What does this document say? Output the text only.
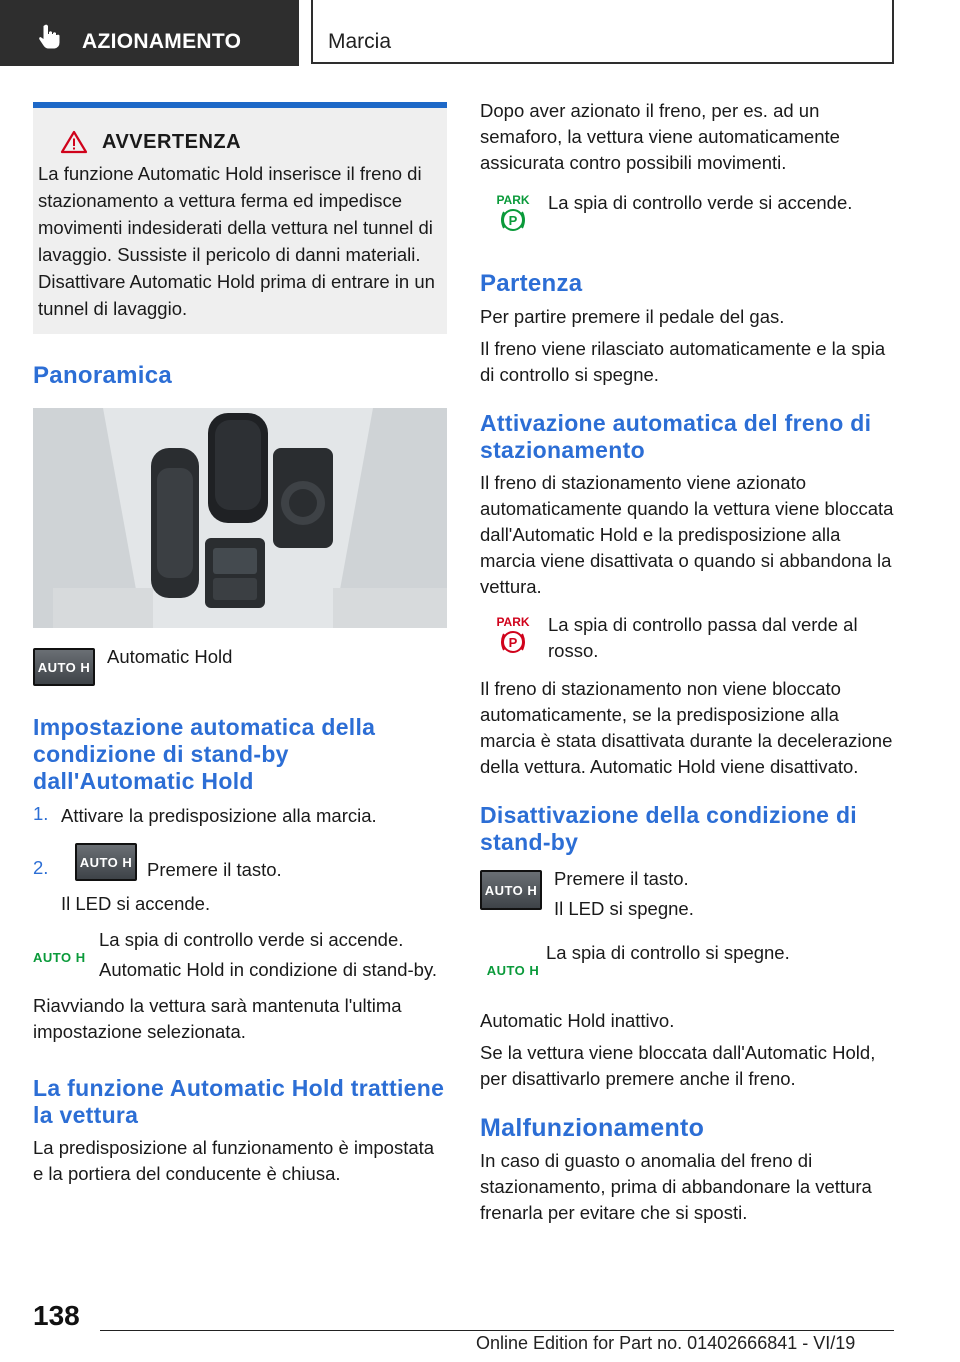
AZIONAMENTO	Marcia
AVVERTENZA

La funzione Automatic Hold inserisce il freno di stazionamento a vettura ferma ed impedisce movimenti indesiderati della vettura nel tunnel di lavaggio. Sussiste il pericolo di danni materiali. Disattivare Automatic Hold prima di entrare in un tunnel di lavaggio.

Panoramica
AUTO H Automatic Hold

Impostazione automatica della condizione di stand-by dall'Automatic Hold
1. Attivare la predisposizione alla marcia.

2.	AUTO H Premere il tasto.

Il LED si accende.

AUTO H

La spia di controllo verde si accende.

Automatic Hold in condizione di stand-by.

Riavviando la vettura sarà mantenuta l'ultima impostazione selezionata.

La funzione Automatic Hold trattiene la vettura

La predisposizione al funzionamento è impostata e la portiera del conducente è chiusa.

Dopo aver azionato il freno, per es. ad un semaforo, la vettura viene automaticamente assicurata contro possibili movimenti.

PARK
P

La spia di controllo verde si accende.

Partenza

Per partire premere il pedale del gas.

Il freno viene rilasciato automaticamente e la spia di controllo si spegne.

Attivazione automatica del freno di stazionamento

Il freno di stazionamento viene azionato automaticamente quando la vettura viene bloccata dall'Automatic Hold e la predisposizione alla marcia viene disattivata o quando si abbandona la vettura.

PARK
P

La spia di controllo passa dal verde al rosso.

Il freno di stazionamento non viene bloccato automaticamente, se la predisposizione alla marcia è stata disattivata durante la decelerazione della vettura. Automatic Hold viene disattivato.

Disattivazione della condizione di stand-by
AUTO H

Premere il tasto.

Il LED si spegne.

AUTO H

La spia di controllo si spegne.

Automatic Hold inattivo.

Se la vettura viene bloccata dall'Automatic Hold, per disattivarlo premere anche il freno.

Malfunzionamento

In caso di guasto o anomalia del freno di stazionamento, prima di abbandonare la vettura frenarla per evitare che si sposti.

138
Online Edition for Part no. 01402666841 - VI/19
